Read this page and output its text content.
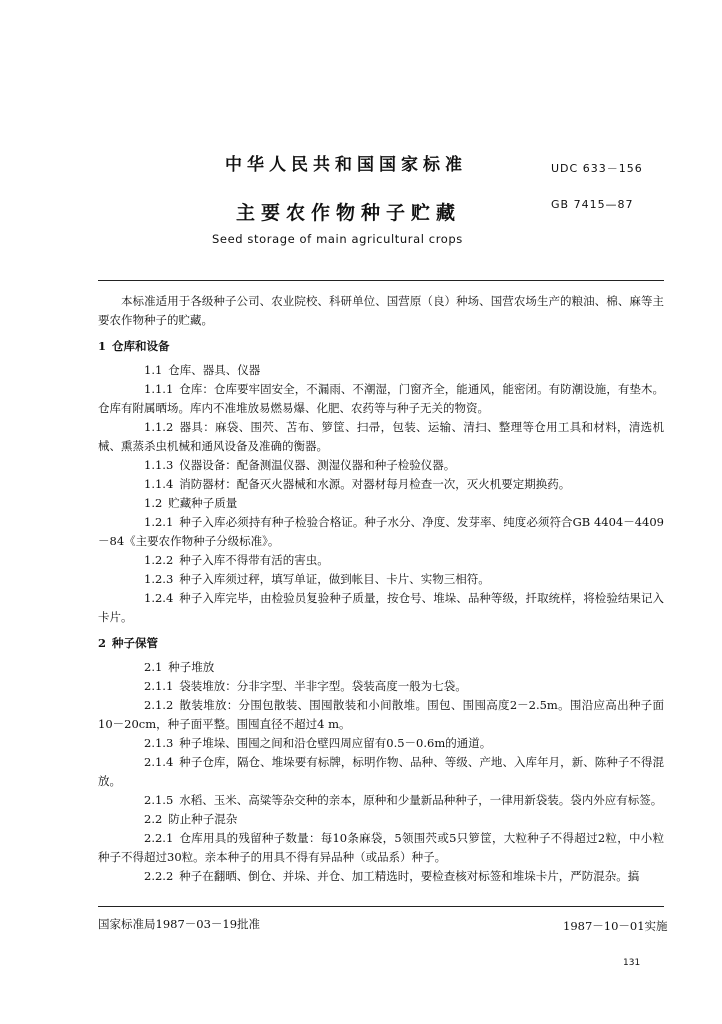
中华人民共和国国家标准	UDC 633－156
主要农作物种子贮藏	GB 7415—87
Seed storage of main agricultural crops

本标准适用于各级种子公司、农业院校、科研单位、国营原（良）种场、国营农场生产的粮油、棉、麻等主要农作物种子的贮藏。

1 仓库和设备

1.1 仓库、器具、仪器

1.1.1 仓库：仓库要牢固安全，不漏雨、不潮湿，门窗齐全，能通风，能密闭。有防潮设施，有垫木。仓库有附属晒场。库内不准堆放易燃易爆、化肥、农药等与种子无关的物资。

1.1.2 器具：麻袋、围茓、苫布、箩筐、扫帚，包装、运输、清扫、整理等仓用工具和材料，清选机械、熏蒸杀虫机械和通风设备及准确的衡器。

1.1.3 仪器设备：配备测温仪器、测湿仪器和种子检验仪器。

1.1.4 消防器材：配备灭火器械和水源。对器材每月检查一次，灭火机要定期换药。

1.2 贮藏种子质量

1.2.1 种子入库必须持有种子检验合格证。种子水分、净度、发芽率、纯度必须符合GB 4404－4409－84《主要农作物种子分级标准》。

1.2.2 种子入库不得带有活的害虫。

1.2.3 种子入库须过秤，填写单证，做到帐目、卡片、实物三相符。

1.2.4 种子入库完毕，由检验员复验种子质量，按仓号、堆垛、品种等级，扦取统样，将检验结果记入卡片。

2 种子保管

2.1 种子堆放

2.1.1 袋装堆放：分非字型、半非字型。袋装高度一般为七袋。

2.1.2 散装堆放：分围包散装、围囤散装和小间散堆。围包、围囤高度2－2.5m。围沿应高出种子面10－20cm，种子面平整。围囤直径不超过4 m。

2.1.3 种子堆垛、围囤之间和沿仓壁四周应留有0.5－0.6m的通道。

2.1.4 种子仓库，隔仓、堆垛要有标牌，标明作物、品种、等级、产地、入库年月，新、陈种子不得混放。

2.1.5 水稻、玉米、高粱等杂交种的亲本，原种和少量新品种种子，一律用新袋装。袋内外应有标签。

2.2 防止种子混杂

2.2.1 仓库用具的残留种子数量：每10条麻袋，5领围茓或5只箩筐，大粒种子不得超过2粒，中小粒种子不得超过30粒。亲本种子的用具不得有异品种（或品系）种子。

2.2.2 种子在翻晒、倒仓、并垛、并仓、加工精选时，要检查核对标签和堆垛卡片，严防混杂。搞

国家标准局1987－03－19批准	1987－10－01实施
131
